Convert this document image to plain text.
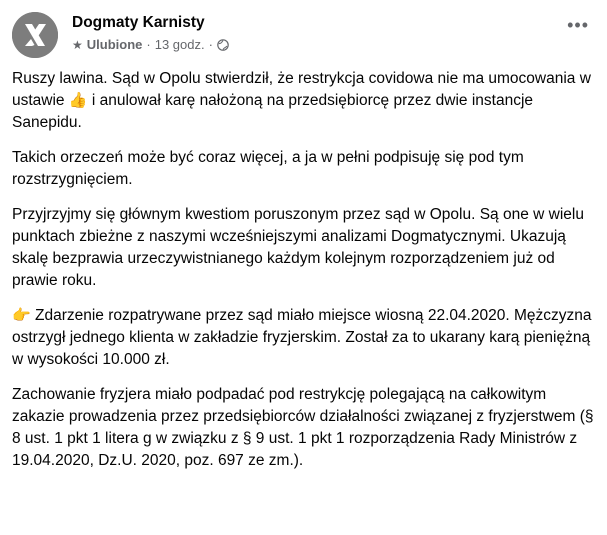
Dogmaty Karnisty
★ Ulubione · 13 godz. ·
•••

Ruszy lawina. Sąd w Opolu stwierdził, że restrykcja covidowa nie ma umocowania w ustawie 👍 i anulował karę nałożoną na przedsiębiorcę przez dwie instancje Sanepidu.

Takich orzeczeń może być coraz więcej, a ja w pełni podpisuję się pod tym rozstrzygnięciem.

Przyjrzyjmy się głównym kwestiom poruszonym przez sąd w Opolu. Są one w wielu punktach zbieżne z naszymi wcześniejszymi analizami Dogmatycznymi. Ukazują skalę bezprawia urzeczywistnianego każdym kolejnym rozporządzeniem już od prawie roku.

👉 Zdarzenie rozpatrywane przez sąd miało miejsce wiosną 22.04.2020. Mężczyzna ostrzygł jednego klienta w zakładzie fryzjerskim. Został za to ukarany karą pieniężną w wysokości 10.000 zł.

Zachowanie fryzjera miało podpadać pod restrykcję polegającą na całkowitym zakazie prowadzenia przez przedsiębiorców działalności związanej z fryzjerstwem (§ 8 ust. 1 pkt 1 litera g w związku z § 9 ust. 1 pkt 1 rozporządzenia Rady Ministrów z 19.04.2020, Dz.U. 2020, poz. 697 ze zm.).
